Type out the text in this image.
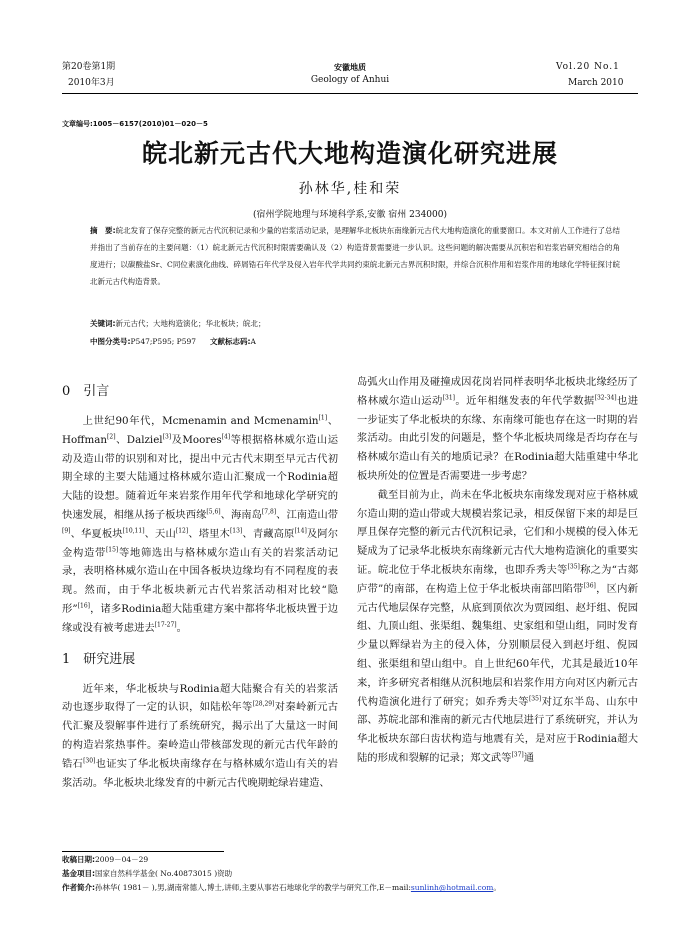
第20卷第1期
2010年3月
安徽地质
Geology of Anhui
Vol.20 No.1
March 2010
文章编号:1005－6157(2010)01－020－5
皖北新元古代大地构造演化研究进展
孙林华,桂和荣
(宿州学院地理与环境科学系,安徽 宿州 234000)
摘　要:皖北发育了保存完整的新元古代沉积记录和少量的岩浆活动记录，是理解华北板块东南缘新元古代大地构造演化的重要窗口。本文对前人工作进行了总结并指出了当前存在的主要问题：（1）皖北新元古代沉积时限需要确认及（2）构造背景需要进一步认识。这些问题的解决需要从沉积岩和岩浆岩研究相结合的角度进行；以碳酸盐Sr、C同位素演化曲线、碎屑锆石年代学及侵入岩年代学共同约束皖北新元古界沉积时限，并综合沉积作用和岩浆作用的地球化学特征探讨皖北新元古代构造背景。
关键词:新元古代；大地构造演化；华北板块；皖北；
中图分类号:P547;P595; P597 文献标志码:A
0　引言

上世纪90年代，Mcmenamin and Mcmenamin[1]、Hoffman[2]、Dalziel[3]及Moores[4]等根据格林威尔造山运动及造山带的识别和对比，提出中元古代末期至早元古代初期全球的主要大陆通过格林威尔造山汇聚成一个Rodinia超大陆的设想。随着近年来岩浆作用年代学和地球化学研究的快速发展，相继从扬子板块西缘[5,6]、海南岛[7,8]、江南造山带[9]、华夏板块[10,11]、天山[12]、塔里木[13]、青藏高原[14]及阿尔金构造带[15]等地筛选出与格林威尔造山有关的岩浆活动记录，表明格林威尔造山在中国各板块边缘均有不同程度的表现。然而，由于华北板块新元古代岩浆活动相对比较“隐形”[16]，诸多Rodinia超大陆重建方案中都将华北板块置于边缘或没有被考虑进去[17-27]。

1　研究进展

近年来，华北板块与Rodinia超大陆聚合有关的岩浆活动也逐步取得了一定的认识，如陆松年等[28,29]对秦岭新元古代汇聚及裂解事件进行了系统研究，揭示出了大量这一时间的构造岩浆热事件。秦岭造山带核部发现的新元古代年龄的锆石[30]也证实了华北板块南缘存在与格林威尔造山有关的岩浆活动。华北板块北缘发育的中新元古代晚期蛇绿岩建造、

岛弧火山作用及碰撞成因花岗岩同样表明华北板块北缘经历了格林威尔造山运动[31]。近年相继发表的年代学数据[32-34]也进一步证实了华北板块的东缘、东南缘可能也存在这一时期的岩浆活动。由此引发的问题是，整个华北板块周缘是否均存在与格林威尔造山有关的地质记录？在Rodinia超大陆重建中华北板块所处的位置是否需要进一步考虑？

截至目前为止，尚未在华北板块东南缘发现对应于格林威尔造山期的造山带或大规模岩浆记录，相反保留下来的却是巨厚且保存完整的新元古代沉积记录，它们和小规模的侵入体无疑成为了记录华北板块东南缘新元古代大地构造演化的重要实证。皖北位于华北板块东南缘，也即乔秀夫等[35]称之为“古郯庐带”的南部，在构造上位于华北板块南部凹陷带[36]，区内新元古代地层保存完整，从底到顶依次为贾园组、赵圩组、倪园组、九顶山组、张渠组、魏集组、史家组和望山组，同时发育少量以辉绿岩为主的侵入体，分别顺层侵入到赵圩组、倪园组、张渠组和望山组中。自上世纪60年代，尤其是最近10年来，许多研究者相继从沉积地层和岩浆作用方向对区内新元古代构造演化进行了研究；如乔秀夫等[35]对辽东半岛、山东中部、苏皖北部和淮南的新元古代地层进行了系统研究，并认为华北板块东部臼齿状构造与地震有关，是对应于Rodinia超大陆的形成和裂解的记录；郑文武等[37]通

收稿日期:2009－04－29
基金项目:国家自然科学基金( No.40873015 )资助
作者简介:孙林华( 1981－ ),男,湖南常德人,博士,讲师,主要从事岩石地球化学的教学与研究工作,E－mail:sunlinh@hotmail.com。
